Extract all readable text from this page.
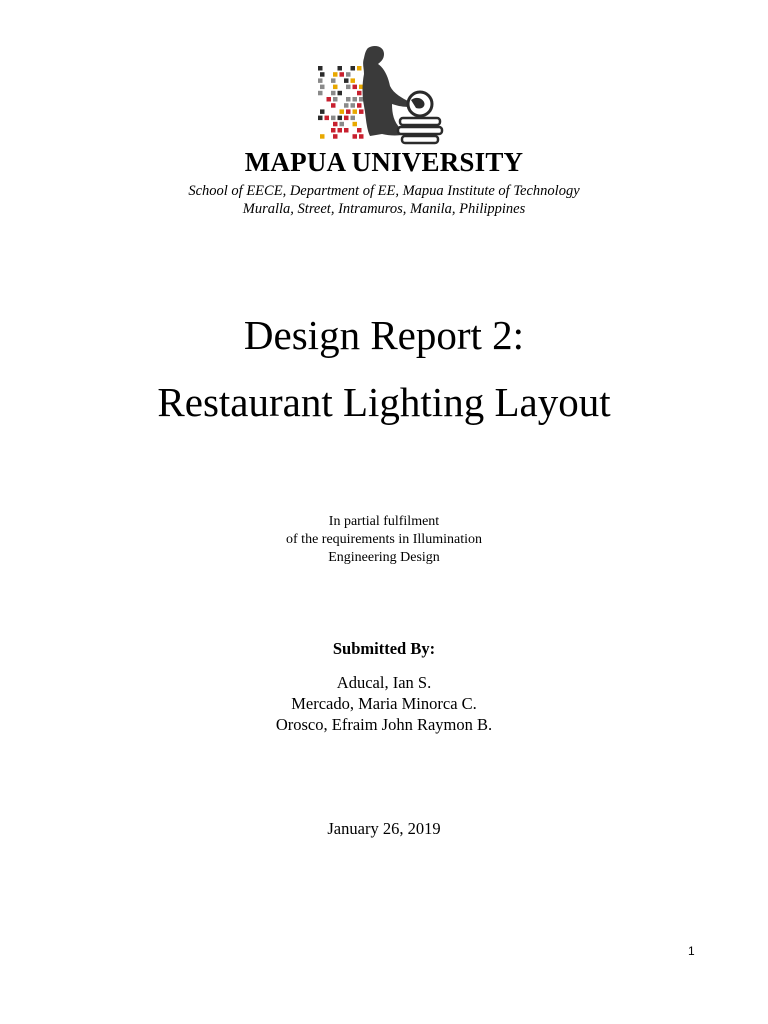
MAPUA UNIVERSITY

School of EECE, Department of EE, Mapua Institute of Technology

Muralla, Street, Intramuros, Manila, Philippines

Design Report 2:
Restaurant Lighting Layout

In partial fulfilment

of the requirements in Illumination

Engineering Design

Submitted By:

Aducal, Ian S.

Mercado, Maria Minorca C.

Orosco, Efraim John Raymon B.

January 26, 2019

1
